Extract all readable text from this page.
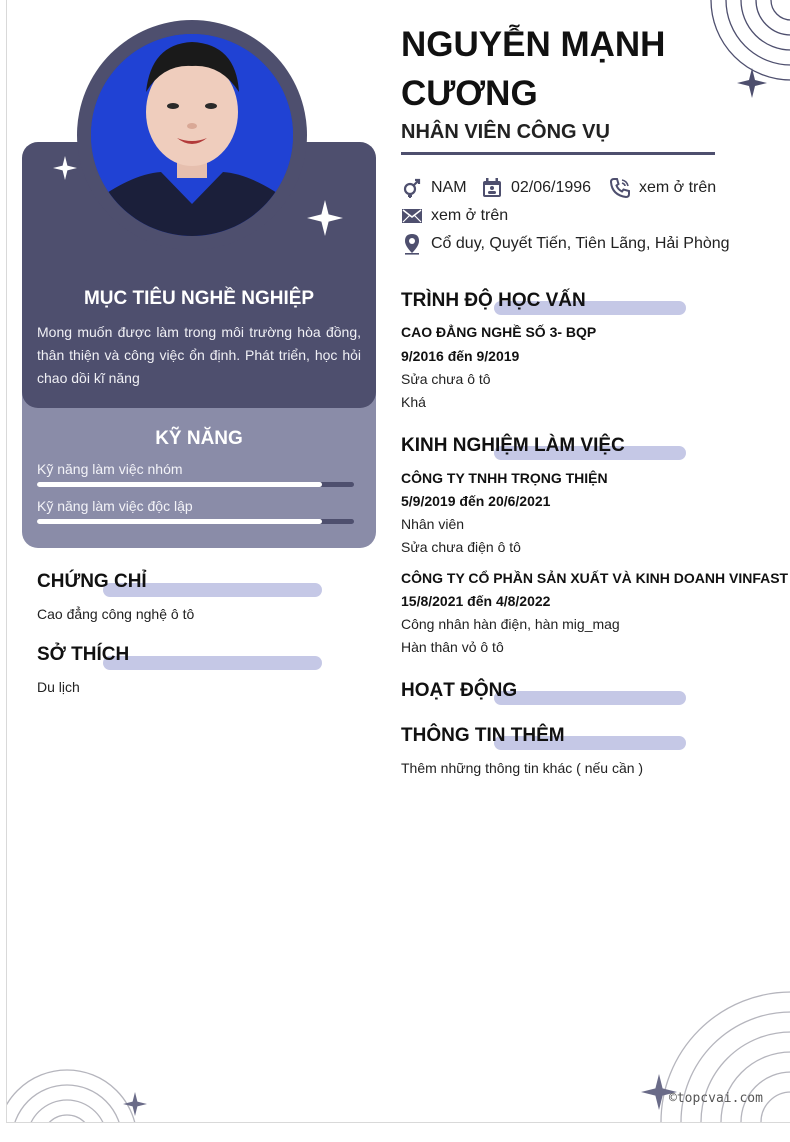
©topcvai.com
MỤC TIÊU NGHỀ NGHIỆP
Mong muốn được làm trong môi trường hòa đồng, thân thiện và công việc ổn định. Phát triển, học hỏi chao dồi kĩ năng
KỸ NĂNG
Kỹ năng làm việc nhóm
Kỹ năng làm việc độc lập
CHỨNG CHỈ
Cao đẳng công nghệ ô tô
SỞ THÍCH
Du lịch
NGUYỄN MẠNH CƯƠNG
NHÂN VIÊN CÔNG VỤ
NAM	02/06/1996	xem ở trên
xem ở trên
Cổ duy, Quyết Tiến, Tiên Lãng, Hải Phòng
TRÌNH ĐỘ HỌC VẤN
CAO ĐẲNG NGHỀ SỐ 3- BQP
9/2016 đến 9/2019
Sửa chưa ô tô
Khá
KINH NGHIỆM LÀM VIỆC
CÔNG TY TNHH TRỌNG THIỆN
5/9/2019 đến 20/6/2021
Nhân viên
Sửa chưa điện ô tô
CÔNG TY CỔ PHẦN SẢN XUẤT VÀ KINH DOANH VINFAST
15/8/2021 đến 4/8/2022
Công nhân hàn điện, hàn mig_mag
Hàn thân vỏ ô tô
HOẠT ĐỘNG
THÔNG TIN THÊM
Thêm những thông tin khác ( nếu cần )
